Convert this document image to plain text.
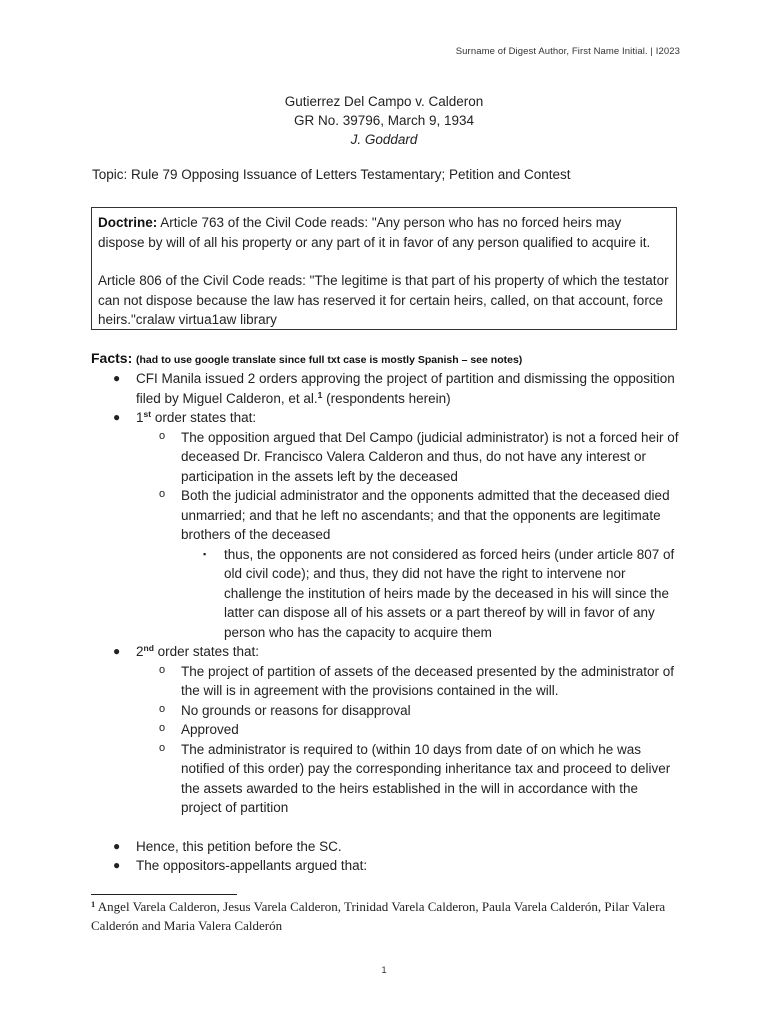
Surname of Digest Author, First Name Initial. | I2023
Gutierrez Del Campo v. Calderon
GR No. 39796, March 9, 1934
J. Goddard
Topic: Rule 79 Opposing Issuance of Letters Testamentary; Petition and Contest

Doctrine: Article 763 of the Civil Code reads: "Any person who has no forced heirs may dispose by will of all his property or any part of it in favor of any person qualified to acquire it.

Article 806 of the Civil Code reads: "The legitime is that part of his property of which the testator can not dispose because the law has reserved it for certain heirs, called, on that account, force heirs."cralaw virtua1aw library

Facts: (had to use google translate since full txt case is mostly Spanish – see notes)
● CFI Manila issued 2 orders approving the project of partition and dismissing the opposition filed by Miguel Calderon, et al.$^1$ (respondents herein)
● 1st order states that:
o The opposition argued that Del Campo (judicial administrator) is not a forced heir of deceased Dr. Francisco Valera Calderon and thus, do not have any interest or participation in the assets left by the deceased
o Both the judicial administrator and the opponents admitted that the deceased died unmarried; and that he left no ascendants; and that the opponents are legitimate brothers of the deceased
▪ thus, the opponents are not considered as forced heirs (under article 807 of old civil code); and thus, they did not have the right to intervene nor challenge the institution of heirs made by the deceased in his will since the latter can dispose all of his assets or a part thereof by will in favor of any person who has the capacity to acquire them
● 2nd order states that:
o The project of partition of assets of the deceased presented by the administrator of the will is in agreement with the provisions contained in the will.
o No grounds or reasons for disapproval
o Approved
o The administrator is required to (within 10 days from date of on which he was notified of this order) pay the corresponding inheritance tax and proceed to deliver the assets awarded to the heirs established in the will in accordance with the project of partition
● Hence, this petition before the SC.
● The oppositors-appellants argued that:
$^1$ Angel Varela Calderon, Jesus Varela Calderon, Trinidad Varela Calderon, Paula Varela Calderón, Pilar Valera Calderón and Maria Valera Calderón
1
